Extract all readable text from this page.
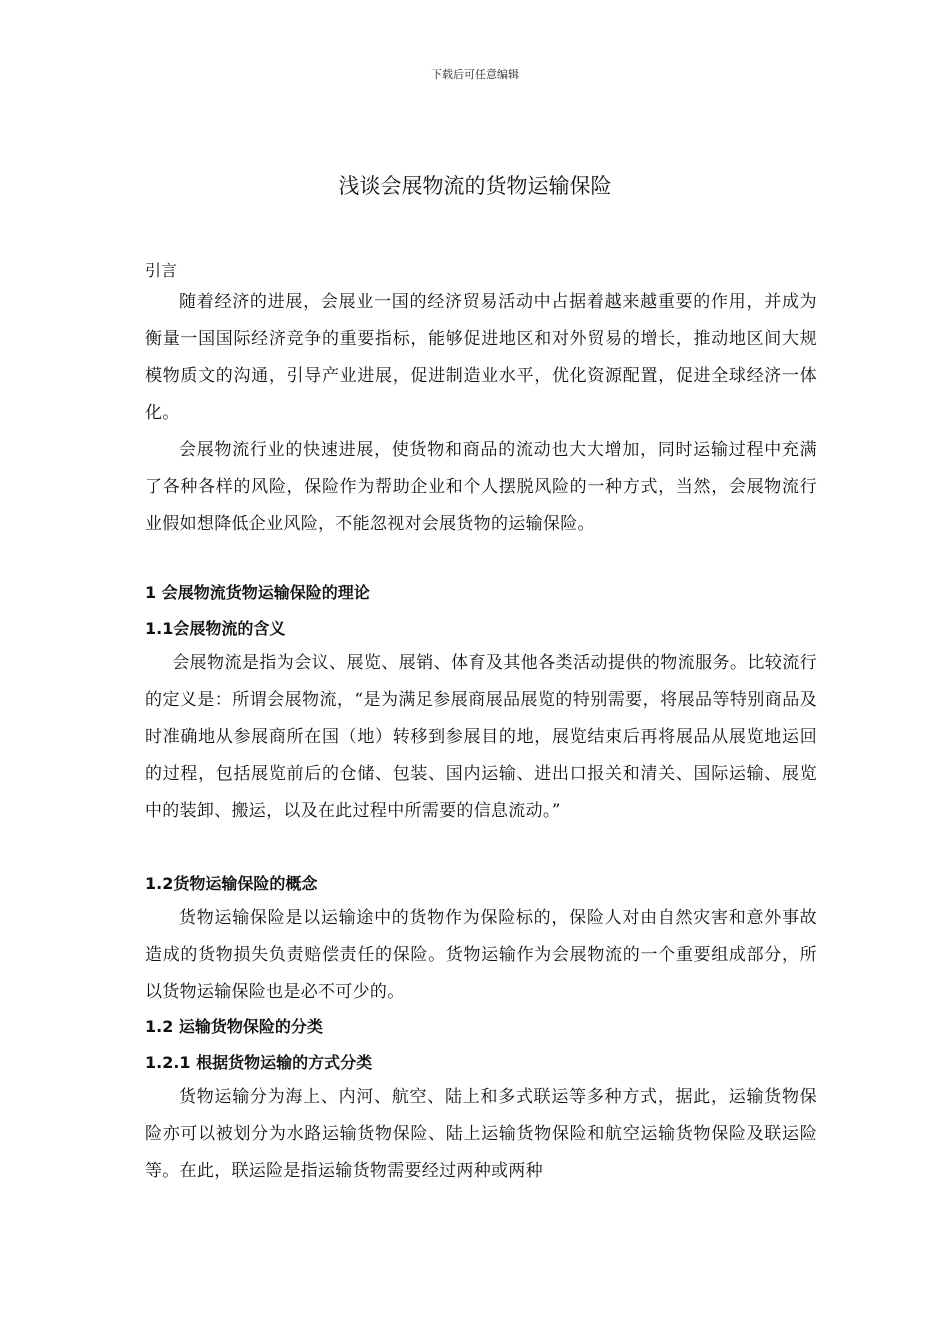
下载后可任意编辑
浅谈会展物流的货物运输保险
引言

随着经济的进展，会展业一国的经济贸易活动中占据着越来越重要的作用，并成为衡量一国国际经济竞争的重要指标，能够促进地区和对外贸易的增长，推动地区间大规模物质文的沟通，引导产业进展，促进制造业水平，优化资源配置，促进全球经济一体化。

会展物流行业的快速进展，使货物和商品的流动也大大增加，同时运输过程中充满了各种各样的风险，保险作为帮助企业和个人摆脱风险的一种方式，当然，会展物流行业假如想降低企业风险，不能忽视对会展货物的运输保险。

1 会展物流货物运输保险的理论
1.1会展物流的含义

会展物流是指为会议、展览、展销、体育及其他各类活动提供的物流服务。比较流行的定义是：所谓会展物流，“是为满足参展商展品展览的特别需要，将展品等特别商品及时准确地从参展商所在国（地）转移到参展目的地，展览结束后再将展品从展览地运回的过程，包括展览前后的仓储、包装、国内运输、进出口报关和清关、国际运输、展览中的装卸、搬运，以及在此过程中所需要的信息流动。”

1.2货物运输保险的概念

货物运输保险是以运输途中的货物作为保险标的，保险人对由自然灾害和意外事故造成的货物损失负责赔偿责任的保险。货物运输作为会展物流的一个重要组成部分，所以货物运输保险也是必不可少的。

1.2 运输货物保险的分类
1.2.1 根据货物运输的方式分类

货物运输分为海上、内河、航空、陆上和多式联运等多种方式，据此，运输货物保险亦可以被划分为水路运输货物保险、陆上运输货物保险和航空运输货物保险及联运险等。在此，联运险是指运输货物需要经过两种或两种
